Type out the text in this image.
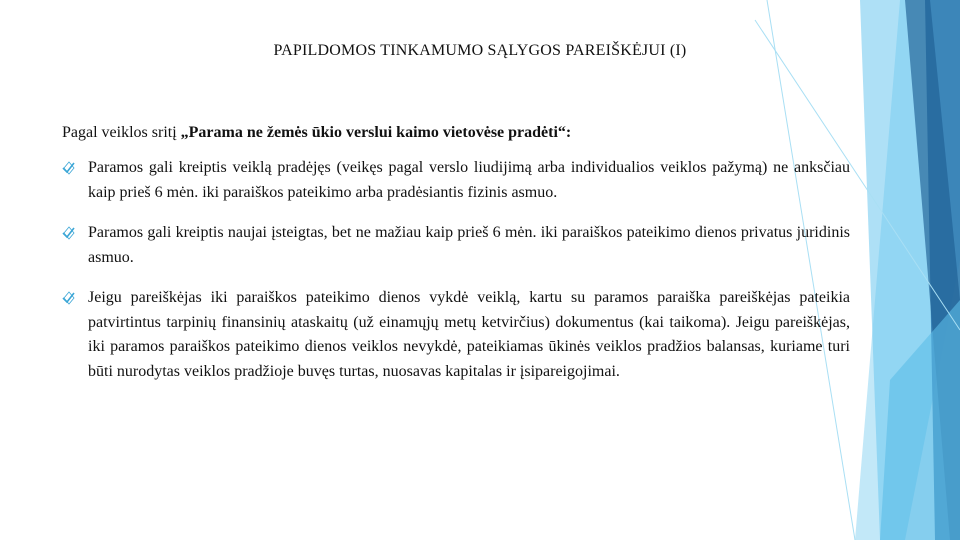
PAPILDOMOS TINKAMUMO SĄLYGOS PAREIŠKĖJUI (I)
Pagal veiklos sritį „Parama ne žemės ūkio verslui kaimo vietovėse pradėti“:
Paramos gali kreiptis veiklą pradėjęs (veikęs pagal verslo liudijimą arba individualios veiklos pažymą) ne anksčiau kaip prieš 6 mėn. iki paraiškos pateikimo arba pradėsiantis fizinis asmuo.
Paramos gali kreiptis naujai įsteigtas, bet ne mažiau kaip prieš 6 mėn. iki paraiškos pateikimo dienos privatus juridinis asmuo.
Jeigu pareiškėjas iki paraiškos pateikimo dienos vykdė veiklą, kartu su paramos paraiška pareiškėjas pateikia patvirtintus tarpinių finansinių ataskaitų (už einamųjų metų ketvirčius) dokumentus (kai taikoma). Jeigu pareiškėjas, iki paramos paraiškos pateikimo dienos veiklos nevykdė, pateikiamas ūkinės veiklos pradžios balansas, kuriame turi būti nurodytas veiklos pradžioje buvęs turtas, nuosavas kapitalas ir įsipareigojimai.
